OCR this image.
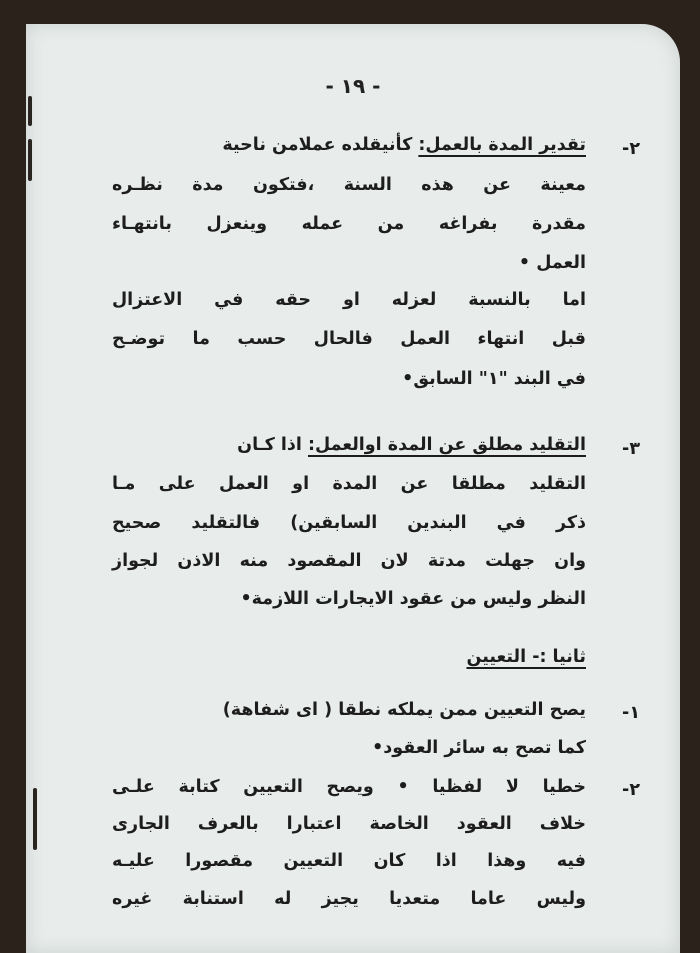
- ١٩ -
٢-
تقدير المدة بالعمل: كأنيقلده عملامن ناحية
معينة عن هذه السنة ،فتكون مدة نظـره
مقدرة بفراغه من عمله وينعزل بانتهـاء
العمل •
اما بالنسبة لعزله او حقه في الاعتزال
قبل انتهاء العمل فالحال حسب ما توضـح
في البند "١" السابق•
٣-
التقليد مطلق عن المدة اوالعمل: اذا كـان
التقليد مطلقا عن المدة او العمل على مـا
ذكر في البندين السابقين) فالتقليد صحيح
وان جهلت مدتة لان المقصود منه الاذن لجواز
النظر وليس من عقود الايجارات اللازمة•
ثانيا :- التعيين
١-
يصح التعيين ممن يملكه نطقا ( اى شفاهة)
كما تصح به سائر العقود•
٢-
خطيا لا لفظيا • ويصح التعيين كتابة علـى
خلاف العقود الخاصة اعتبارا بالعرف الجارى
فيه وهذا اذا كان التعيين مقصورا عليـه
وليس عاما متعديا يجيز له استنابة غيره
